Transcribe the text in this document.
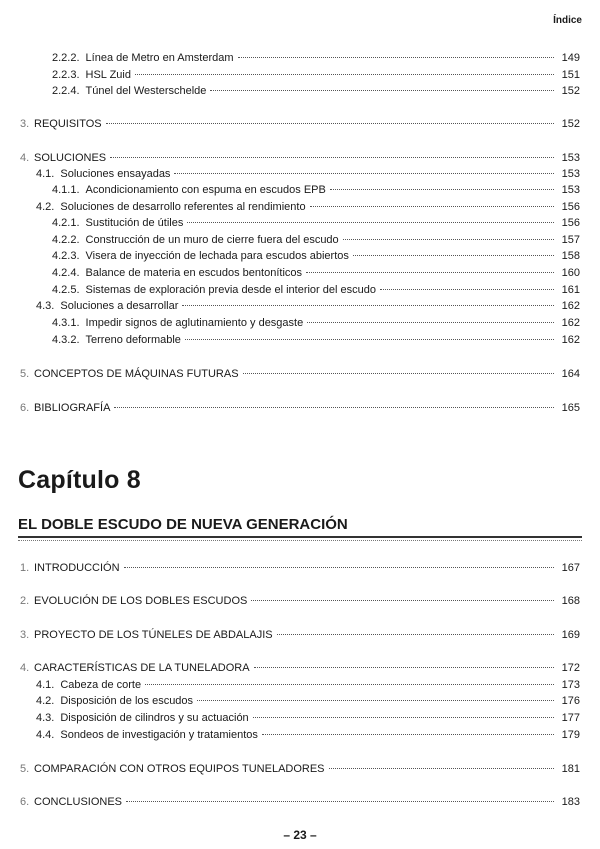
Índice
2.2.2. Línea de Metro en Amsterdam	149
2.2.3. HSL Zuid	151
2.2.4. Túnel del Westerschelde	152
3. REQUISITOS	152
4. SOLUCIONES	153
4.1. Soluciones ensayadas	153
4.1.1. Acondicionamiento con espuma en escudos EPB	153
4.2. Soluciones de desarrollo referentes al rendimiento	156
4.2.1. Sustitución de útiles	156
4.2.2. Construcción de un muro de cierre fuera del escudo	157
4.2.3. Visera de inyección de lechada para escudos abiertos	158
4.2.4. Balance de materia en escudos bentoníticos	160
4.2.5. Sistemas de exploración previa desde el interior del escudo	161
4.3. Soluciones a desarrollar	162
4.3.1. Impedir signos de aglutinamiento y desgaste	162
4.3.2. Terreno deformable	162
5. CONCEPTOS DE MÁQUINAS FUTURAS	164
6. BIBLIOGRAFÍA	165
Capítulo 8
EL DOBLE ESCUDO DE NUEVA GENERACIÓN
1. INTRODUCCIÓN	167
2. EVOLUCIÓN DE LOS DOBLES ESCUDOS	168
3. PROYECTO DE LOS TÚNELES DE ABDALAJIS	169
4. CARACTERÍSTICAS DE LA TUNELADORA	172
4.1. Cabeza de corte	173
4.2. Disposición de los escudos	176
4.3. Disposición de cilindros y su actuación	177
4.4. Sondeos de investigación y tratamientos	179
5. COMPARACIÓN CON OTROS EQUIPOS TUNELADORES	181
6. CONCLUSIONES	183
– 23 –
